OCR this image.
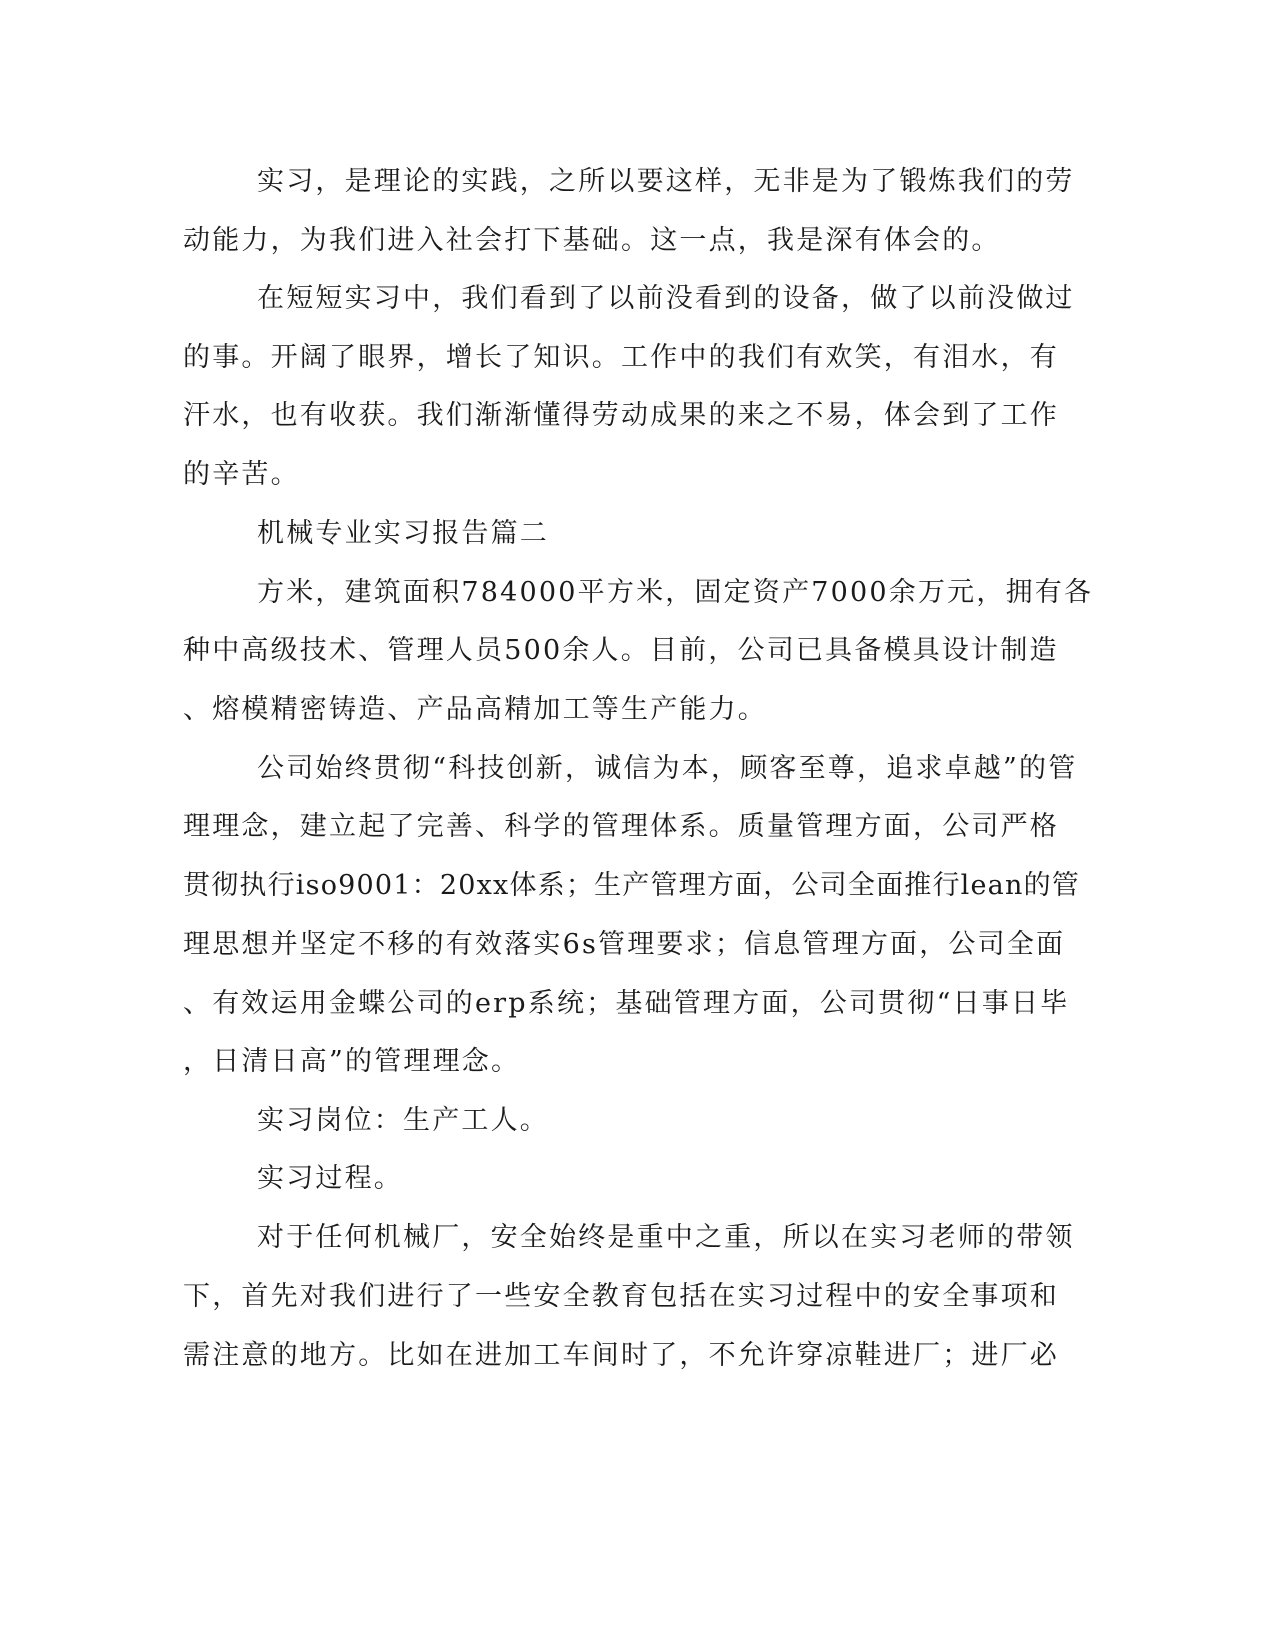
实习，是理论的实践，之所以要这样，无非是为了锻炼我们的劳
动能力，为我们进入社会打下基础。这一点，我是深有体会的。
在短短实习中，我们看到了以前没看到的设备，做了以前没做过
的事。开阔了眼界，增长了知识。工作中的我们有欢笑，有泪水，有
汗水，也有收获。我们渐渐懂得劳动成果的来之不易，体会到了工作
的辛苦。
机械专业实习报告篇二
方米，建筑面积784000平方米，固定资产7000余万元，拥有各
种中高级技术、管理人员500余人。目前，公司已具备模具设计制造
、熔模精密铸造、产品高精加工等生产能力。
公司始终贯彻“科技创新，诚信为本，顾客至尊，追求卓越”的管
理理念，建立起了完善、科学的管理体系。质量管理方面，公司严格
贯彻执行iso9001：20xx体系；生产管理方面，公司全面推行lean的管
理思想并坚定不移的有效落实6s管理要求；信息管理方面，公司全面
、有效运用金蝶公司的erp系统；基础管理方面，公司贯彻“日事日毕
，日清日高”的管理理念。
实习岗位：生产工人。
实习过程。
对于任何机械厂，安全始终是重中之重，所以在实习老师的带领
下，首先对我们进行了一些安全教育包括在实习过程中的安全事项和
需注意的地方。比如在进加工车间时了，不允许穿凉鞋进厂；进厂必
